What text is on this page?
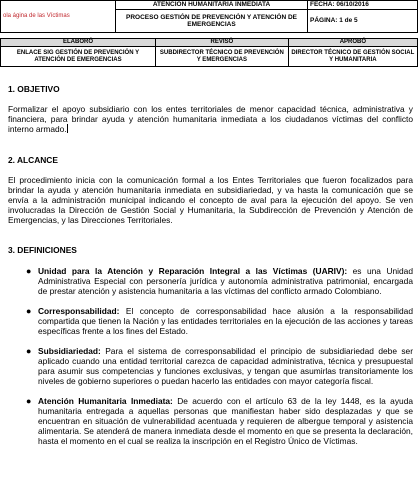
ola ágina de las Víctimas	ATENCION HUMANITARIA INMEDIATA	FECHA: 06/10/2016
	PROCESO GESTIÓN DE PREVENCIÓN Y ATENCIÓN DE EMERGENCIAS	PÁGINA: 1 de 5
ELABORÓ	REVISÓ	APROBÓ
ENLACE SIG GESTIÓN DE PREVENCIÓN Y ATENCIÓN DE EMERGENCIAS	SUBDIRECTOR TÉCNICO DE PREVENCIÓN Y EMERGENCIAS	DIRECTOR TÉCNICO DE GESTIÓN SOCIAL Y HUMANITARIA

1. OBJETIVO

Formalizar el apoyo subsidiario con los entes territoriales de menor capacidad técnica, administrativa y financiera, para brindar ayuda y atención humanitaria inmediata a los ciudadanos víctimas del conflicto interno armado.

2. ALCANCE

El procedimiento inicia con la comunicación formal a los Entes Territoriales que fueron focalizados para brindar la ayuda y atención humanitaria inmediata en subsidiariedad, y va hasta la comunicación que se envía a la administración municipal indicando el concepto de aval para la ejecución del apoyo. Se ven involucradas la Dirección de Gestión Social y Humanitaria, la Subdirección de Prevención y Atención de Emergencias, y las Direcciones Territoriales.

3. DEFINICIONES

● Unidad para la Atención y Reparación Integral a las Víctimas (UARIV): es una Unidad Administrativa Especial con personería jurídica y autonomía administrativa patrimonial, encargada de prestar atención y asistencia humanitaria a las víctimas del conflicto armado Colombiano.
● Corresponsabilidad: El concepto de corresponsabilidad hace alusión a la responsabilidad compartida que tienen la Nación y las entidades territoriales en la ejecución de las acciones y tareas específicas frente a los fines del Estado.
● Subsidiariedad: Para el sistema de corresponsabilidad el principio de subsidiariedad debe ser aplicado cuando una entidad territorial carezca de capacidad administrativa, técnica y presupuestal para asumir sus competencias y funciones exclusivas, y tengan que asumirlas transitoriamente los niveles de gobierno superiores o puedan hacerlo las entidades con mayor categoría fiscal.
● Atención Humanitaria Inmediata: De acuerdo con el artículo 63 de la ley 1448, es la ayuda humanitaria entregada a aquellas personas que manifiestan haber sido desplazadas y que se encuentran en situación de vulnerabilidad acentuada y requieren de albergue temporal y asistencia alimentaria. Se atenderá de manera inmediata desde el momento en que se presenta la declaración, hasta el momento en el cual se realiza la inscripción en el Registro Único de Víctimas.
